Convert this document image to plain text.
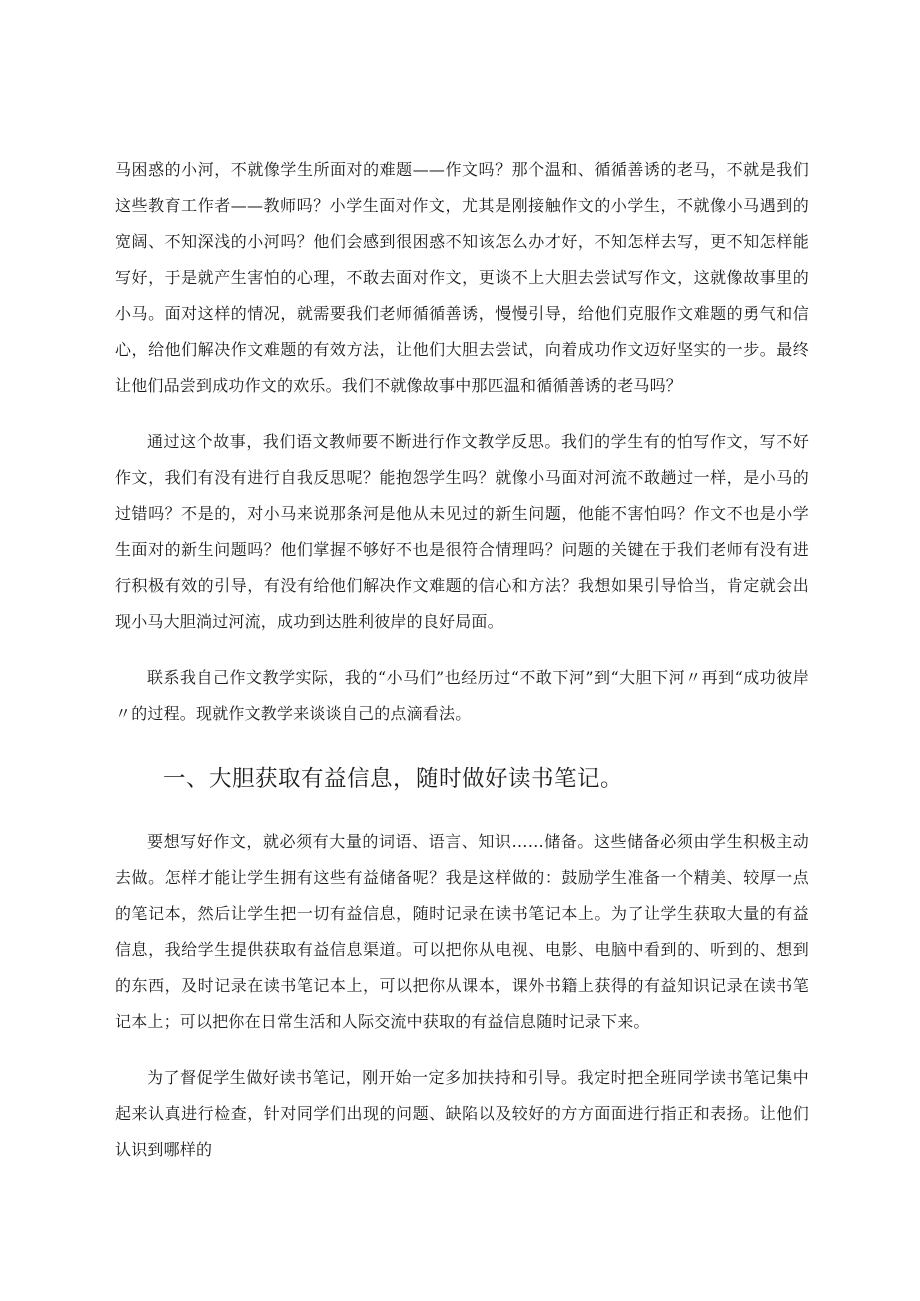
马困惑的小河，不就像学生所面对的难题——作文吗？那个温和、循循善诱的老马，不就是我们这些教育工作者——教师吗？小学生面对作文，尤其是刚接触作文的小学生，不就像小马遇到的宽阔、不知深浅的小河吗？他们会感到很困惑不知该怎么办才好，不知怎样去写，更不知怎样能写好，于是就产生害怕的心理，不敢去面对作文，更谈不上大胆去尝试写作文，这就像故事里的小马。面对这样的情况，就需要我们老师循循善诱，慢慢引导，给他们克服作文难题的勇气和信心，给他们解决作文难题的有效方法，让他们大胆去尝试，向着成功作文迈好坚实的一步。最终让他们品尝到成功作文的欢乐。我们不就像故事中那匹温和循循善诱的老马吗？

通过这个故事，我们语文教师要不断进行作文教学反思。我们的学生有的怕写作文，写不好作文，我们有没有进行自我反思呢？能抱怨学生吗？就像小马面对河流不敢趟过一样，是小马的过错吗？不是的，对小马来说那条河是他从未见过的新生问题，他能不害怕吗？作文不也是小学生面对的新生问题吗？他们掌握不够好不也是很符合情理吗？问题的关键在于我们老师有没有进行积极有效的引导，有没有给他们解决作文难题的信心和方法？我想如果引导恰当，肯定就会出现小马大胆淌过河流，成功到达胜利彼岸的良好局面。

联系我自己作文教学实际，我的“小马们”也经历过“不敢下河”到“大胆下河〃再到“成功彼岸〃的过程。现就作文教学来谈谈自己的点滴看法。

一、大胆获取有益信息，随时做好读书笔记。

要想写好作文，就必须有大量的词语、语言、知识……储备。这些储备必须由学生积极主动去做。怎样才能让学生拥有这些有益储备呢？我是这样做的：鼓励学生准备一个精美、较厚一点的笔记本，然后让学生把一切有益信息，随时记录在读书笔记本上。为了让学生获取大量的有益信息，我给学生提供获取有益信息渠道。可以把你从电视、电影、电脑中看到的、听到的、想到的东西，及时记录在读书笔记本上，可以把你从课本，课外书籍上获得的有益知识记录在读书笔记本上；可以把你在日常生活和人际交流中获取的有益信息随时记录下来。

为了督促学生做好读书笔记，刚开始一定多加扶持和引导。我定时把全班同学读书笔记集中起来认真进行检查，针对同学们出现的问题、缺陷以及较好的方方面面进行指正和表扬。让他们认识到哪样的
